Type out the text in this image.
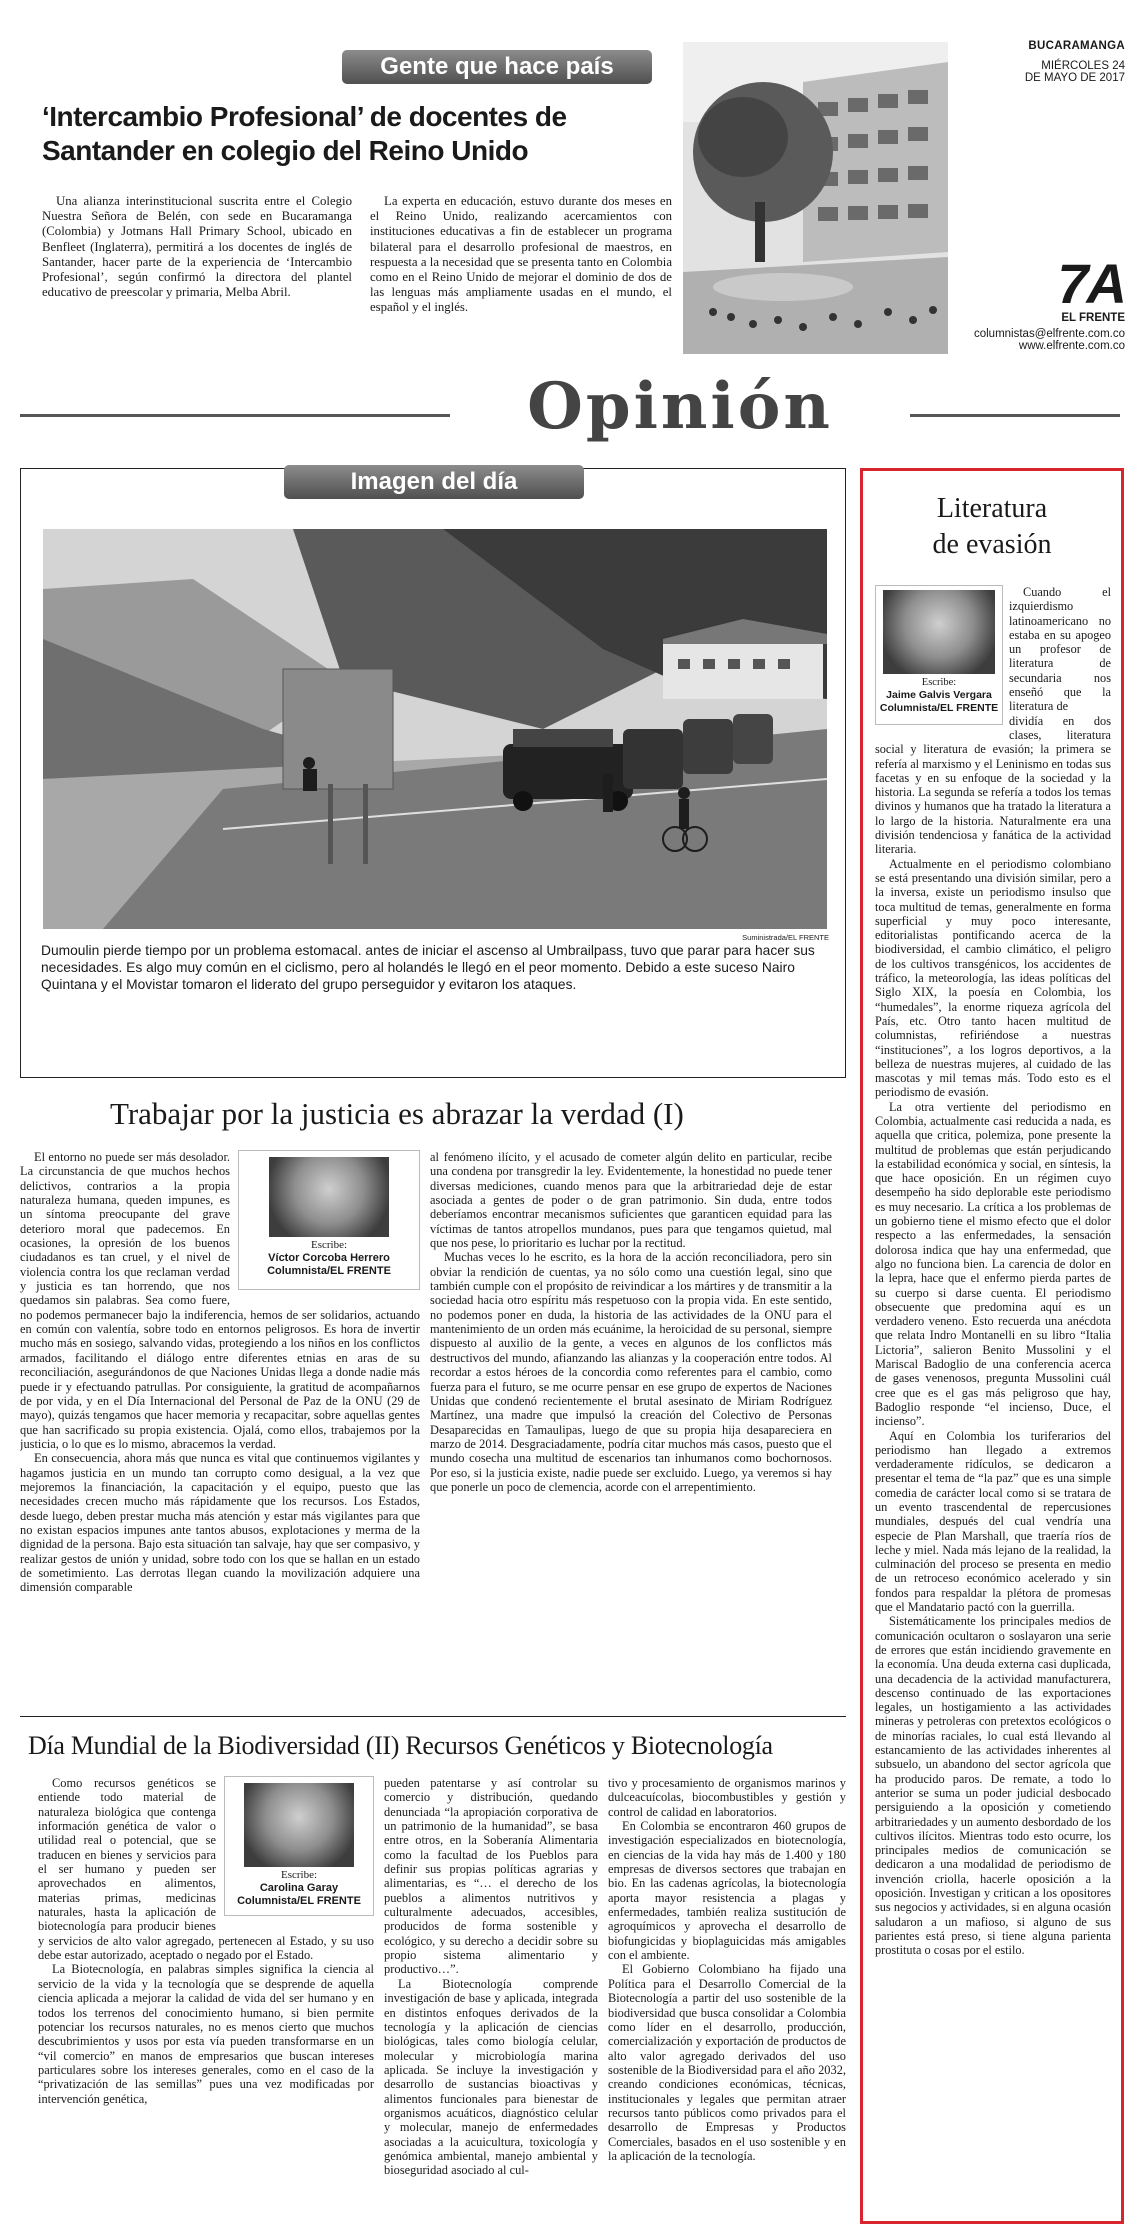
Gente que hace país
‘Intercambio Profesional’ de docentes de
Santander en colegio del Reino Unido

Una alianza interinstitucional suscrita entre el Colegio Nuestra Señora de Belén, con sede en Bucaramanga (Colombia) y Jotmans Hall Primary School, ubicado en Benfleet (Inglaterra), permitirá a los docentes de inglés de Santander, hacer parte de la experiencia de ‘Intercambio Profesional’, según confirmó la directora del plantel educativo de preescolar y primaria, Melba Abril.

La experta en educación, estuvo durante dos meses en el Reino Unido, realizando acercamientos con instituciones educativas a fin de establecer un programa bilateral para el desarrollo profesional de maestros, en respuesta a la necesidad que se presenta tanto en Colombia como en el Reino Unido de mejorar el dominio de dos de las lenguas más ampliamente usadas en el mundo, el español y el inglés.

BUCARAMANGA
MIÉRCOLES 24
DE MAYO DE 2017
7A
EL FRENTE
columnistas@elfrente.com.co
www.elfrente.com.co
Opinión
Imagen del día
Suministrada/EL FRENTE
Dumoulin pierde tiempo por un problema estomacal. antes de iniciar el ascenso al Umbrailpass, tuvo que parar para hacer sus necesidades. Es algo muy común en el ciclismo, pero al holandés le llegó en el peor momento. Debido a este suceso Nairo Quintana y el Movistar tomaron el liderato del grupo perseguidor y evitaron los ataques.
Trabajar por la justicia es abrazar la verdad (I)
Escribe:
Víctor Corcoba Herrero
Columnista/EL FRENTE

El entorno no puede ser más desolador. La circunstancia de que muchos hechos delictivos, contrarios a la propia naturaleza humana, queden impunes, es un síntoma preocupante del grave deterioro moral que padecemos. En ocasiones, la opresión de los buenos ciudadanos es tan cruel, y el nivel de violencia contra los que reclaman verdad y justicia es tan horrendo, que nos quedamos sin palabras. Sea como fuere, no podemos permanecer bajo la indiferencia, hemos de ser solidarios, actuando en común con valentía, sobre todo en entornos peligrosos. Es hora de invertir mucho más en sosiego, salvando vidas, protegiendo a los niños en los conflictos armados, facilitando el diálogo entre diferentes etnias en aras de su reconciliación, asegurándonos de que Naciones Unidas llega a donde nadie más puede ir y efectuando patrullas. Por consiguiente, la gratitud de acompañarnos de por vida, y en el Día Internacional del Personal de Paz de la ONU (29 de mayo), quizás tengamos que hacer memoria y recapacitar, sobre aquellas gentes que han sacrificado su propia existencia. Ojalá, como ellos, trabajemos por la justicia, o lo que es lo mismo, abracemos la verdad.

En consecuencia, ahora más que nunca es vital que continuemos vigilantes y hagamos justicia en un mundo tan corrupto como desigual, a la vez que mejoremos la financiación, la capacitación y el equipo, puesto que las necesidades crecen mucho más rápidamente que los recursos. Los Estados, desde luego, deben prestar mucha más atención y estar más vigilantes para que no existan espacios impunes ante tantos abusos, explotaciones y merma de la dignidad de la persona. Bajo esta situación tan salvaje, hay que ser compasivo, y realizar gestos de unión y unidad, sobre todo con los que se hallan en un estado de sometimiento. Las derrotas llegan cuando la movilización adquiere una dimensión comparable

al fenómeno ilícito, y el acusado de cometer algún delito en particular, recibe una condena por transgredir la ley. Evidentemente, la honestidad no puede tener diversas mediciones, cuando menos para que la arbitrariedad deje de estar asociada a gentes de poder o de gran patrimonio. Sin duda, entre todos deberíamos encontrar mecanismos suficientes que garanticen equidad para las víctimas de tantos atropellos mundanos, pues para que tengamos quietud, mal que nos pese, lo prioritario es luchar por la rectitud.

Muchas veces lo he escrito, es la hora de la acción reconciliadora, pero sin obviar la rendición de cuentas, ya no sólo como una cuestión legal, sino que también cumple con el propósito de reivindicar a los mártires y de transmitir a la sociedad hacia otro espíritu más respetuoso con la propia vida. En este sentido, no podemos poner en duda, la historia de las actividades de la ONU para el mantenimiento de un orden más ecuánime, la heroicidad de su personal, siempre dispuesto al auxilio de la gente, a veces en algunos de los conflictos más destructivos del mundo, afianzando las alianzas y la cooperación entre todos. Al recordar a estos héroes de la concordia como referentes para el cambio, como fuerza para el futuro, se me ocurre pensar en ese grupo de expertos de Naciones Unidas que condenó recientemente el brutal asesinato de Miriam Rodríguez Martínez, una madre que impulsó la creación del Colectivo de Personas Desaparecidas en Tamaulipas, luego de que su propia hija desapareciera en marzo de 2014. Desgraciadamente, podría citar muchos más casos, puesto que el mundo cosecha una multitud de escenarios tan inhumanos como bochornosos. Por eso, si la justicia existe, nadie puede ser excluido. Luego, ya veremos si hay que ponerle un poco de clemencia, acorde con el arrepentimiento.

Día Mundial de la Biodiversidad (II) Recursos Genéticos y Biotecnología
Escribe:
Carolina Garay
Columnista/EL FRENTE

Como recursos genéticos se entiende todo material de naturaleza biológica que contenga información genética de valor o utilidad real o potencial, que se traducen en bienes y servicios para el ser humano y pueden ser aprovechados en alimentos, materias primas, medicinas naturales, hasta la aplicación de biotecnología para producir bienes y servicios de alto valor agregado, pertenecen al Estado, y su uso debe estar autorizado, aceptado o negado por el Estado.

La Biotecnología, en palabras simples significa la ciencia al servicio de la vida y la tecnología que se desprende de aquella ciencia aplicada a mejorar la calidad de vida del ser humano y en todos los terrenos del conocimiento humano, si bien permite potenciar los recursos naturales, no es menos cierto que muchos descubrimientos y usos por esta vía pueden transformarse en un “vil comercio” en manos de empresarios que buscan intereses particulares sobre los intereses generales, como en el caso de la “privatización de las semillas” pues una vez modificadas por intervención genética,

pueden patentarse y así controlar su comercio y distribución, quedando denunciada “la apropiación corporativa de un patrimonio de la humanidad”, se basa entre otros, en la Soberanía Alimentaria como la facultad de los Pueblos para definir sus propias políticas agrarias y alimentarias, es “… el derecho de los pueblos a alimentos nutritivos y culturalmente adecuados, accesibles, producidos de forma sostenible y ecológico, y su derecho a decidir sobre su propio sistema alimentario y productivo…”.

La Biotecnología comprende investigación de base y aplicada, integrada en distintos enfoques derivados de la tecnología y la aplicación de ciencias biológicas, tales como biología celular, molecular y microbiología marina aplicada. Se incluye la investigación y desarrollo de sustancias bioactivas y alimentos funcionales para bienestar de organismos acuáticos, diagnóstico celular y molecular, manejo de enfermedades asociadas a la acuicultura, toxicología y genómica ambiental, manejo ambiental y bioseguridad asociado al cul-

tivo y procesamiento de organismos marinos y dulceacuícolas, biocombustibles y gestión y control de calidad en laboratorios.

En Colombia se encontraron 460 grupos de investigación especializados en biotecnología, en ciencias de la vida hay más de 1.400 y 180 empresas de diversos sectores que trabajan en bio. En las cadenas agrícolas, la biotecnología aporta mayor resistencia a plagas y enfermedades, también realiza sustitución de agroquímicos y aprovecha el desarrollo de biofungicidas y bioplaguicidas más amigables con el ambiente.

El Gobierno Colombiano ha fijado una Política para el Desarrollo Comercial de la Biotecnología a partir del uso sostenible de la biodiversidad que busca consolidar a Colombia como líder en el desarrollo, producción, comercialización y exportación de productos de alto valor agregado derivados del uso sostenible de la Biodiversidad para el año 2032, creando condiciones económicas, técnicas, institucionales y legales que permitan atraer recursos tanto públicos como privados para el desarrollo de Empresas y Productos Comerciales, basados en el uso sostenible y en la aplicación de la tecnología.

Literatura
de evasión
Escribe:
Jaime Galvis Vergara
Columnista/EL FRENTE

Cuando el izquierdismo latinoamericano no estaba en su apogeo un profesor de literatura de secundaria nos enseñó que la literatura de

dividía en dos clases, literatura social y literatura de evasión; la primera se refería al marxismo y el Leninismo en todas sus facetas y en su enfoque de la sociedad y la historia. La segunda se refería a todos los temas divinos y humanos que ha tratado la literatura a lo largo de la historia. Naturalmente era una división tendenciosa y fanática de la actividad literaria.

Actualmente en el periodismo colombiano se está presentando una división similar, pero a la inversa, existe un periodismo insulso que toca multitud de temas, generalmente en forma superficial y muy poco interesante, editorialistas pontificando acerca de la biodiversidad, el cambio climático, el peligro de los cultivos transgénicos, los accidentes de tráfico, la meteorología, las ideas políticas del Siglo XIX, la poesía en Colombia, los “humedales”, la enorme riqueza agrícola del País, etc. Otro tanto hacen multitud de columnistas, refiriéndose a nuestras “instituciones”, a los logros deportivos, a la belleza de nuestras mujeres, al cuidado de las mascotas y mil temas más. Todo esto es el periodismo de evasión.

La otra vertiente del periodismo en Colombia, actualmente casi reducida a nada, es aquella que critica, polemiza, pone presente la multitud de problemas que están perjudicando la estabilidad económica y social, en síntesis, la que hace oposición. En un régimen cuyo desempeño ha sido deplorable este periodismo es muy necesario. La crítica a los problemas de un gobierno tiene el mismo efecto que el dolor respecto a las enfermedades, la sensación dolorosa indica que hay una enfermedad, que algo no funciona bien. La carencia de dolor en la lepra, hace que el enfermo pierda partes de su cuerpo si darse cuenta. El periodismo obsecuente que predomina aquí es un verdadero veneno. Esto recuerda una anécdota que relata Indro Montanelli en su libro “Italia Lictoria”, salieron Benito Mussolini y el Mariscal Badoglio de una conferencia acerca de gases venenosos, pregunta Mussolini cuál cree que es el gas más peligroso que hay, Badoglio responde “el incienso, Duce, el incienso”.

Aquí en Colombia los turiferarios del periodismo han llegado a extremos verdaderamente ridículos, se dedicaron a presentar el tema de “la paz” que es una simple comedia de carácter local como si se tratara de un evento trascendental de repercusiones mundiales, después del cual vendría una especie de Plan Marshall, que traería ríos de leche y miel. Nada más lejano de la realidad, la culminación del proceso se presenta en medio de un retroceso económico acelerado y sin fondos para respaldar la plétora de promesas que el Mandatario pactó con la guerrilla.

Sistemáticamente los principales medios de comunicación ocultaron o soslayaron una serie de errores que están incidiendo gravemente en la economía. Una deuda externa casi duplicada, una decadencia de la actividad manufacturera, descenso continuado de las exportaciones legales, un hostigamiento a las actividades mineras y petroleras con pretextos ecológicos o de minorías raciales, lo cual está llevando al estancamiento de las actividades inherentes al subsuelo, un abandono del sector agrícola que ha producido paros. De remate, a todo lo anterior se suma un poder judicial desbocado persiguiendo a la oposición y cometiendo arbitrariedades y un aumento desbordado de los cultivos ilícitos. Mientras todo esto ocurre, los principales medios de comunicación se dedicaron a una modalidad de periodismo de invención criolla, hacerle oposición a la oposición. Investigan y critican a los opositores sus negocios y actividades, si en alguna ocasión saludaron a un mafioso, si alguno de sus parientes está preso, si tiene alguna parienta prostituta o cosas por el estilo.
